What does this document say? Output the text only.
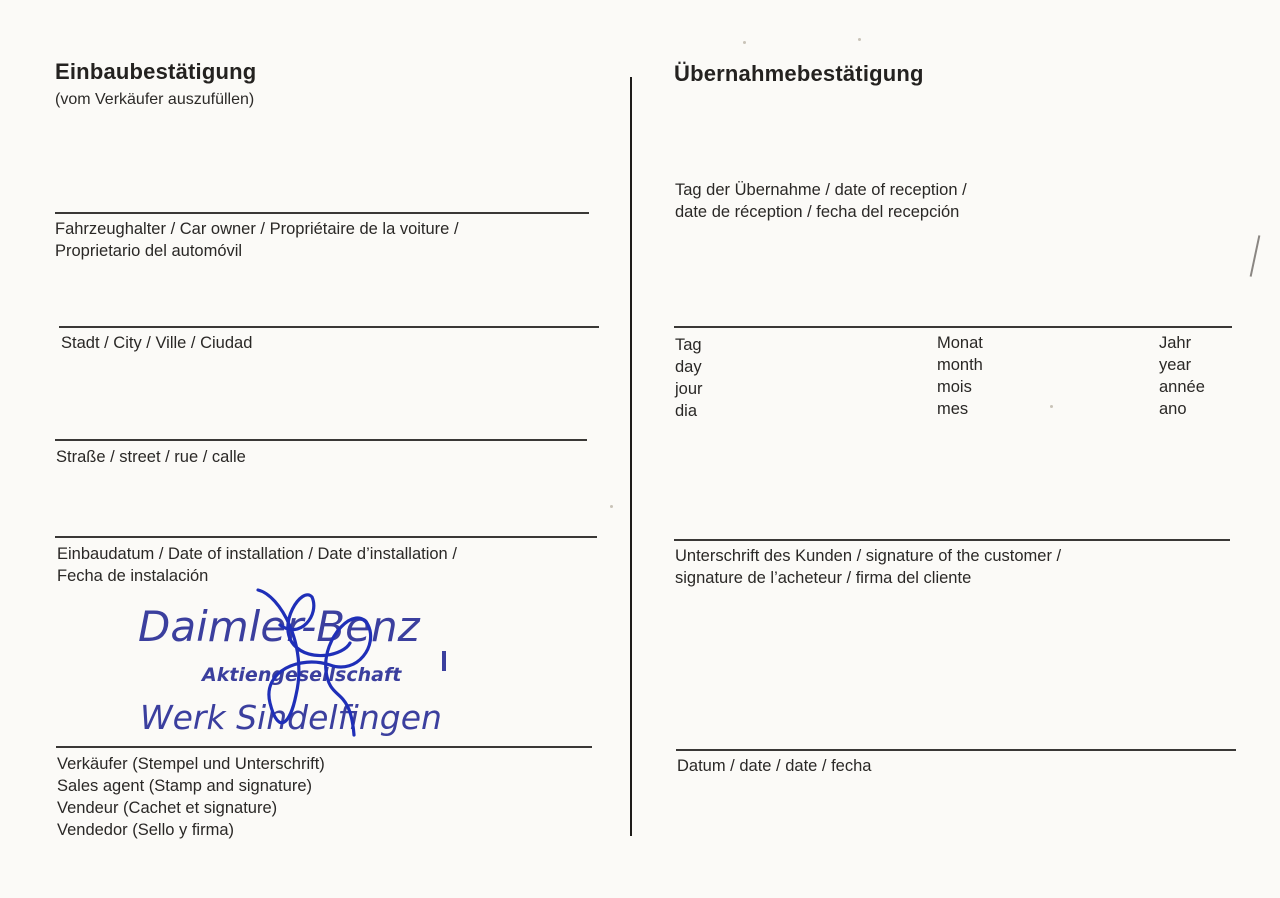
Einbaubestätigung
(vom Verkäufer auszufüllen)
Fahrzeughalter / Car owner / Propriétaire de la voiture /
Proprietario del automóvil
Stadt / City / Ville / Ciudad
Straße / street / rue / calle
Einbaudatum / Date of installation / Date d’installation /
Fecha de instalación
Daimler-Benz
Aktiengesellschaft
Werk Sindelfingen
Verkäufer (Stempel und Unterschrift)
Sales agent (Stamp and signature)
Vendeur (Cachet et signature)
Vendedor (Sello y firma)
Übernahmebestätigung
Tag der Übernahme / date of reception /
date de réception / fecha del recepción
Tag
day
jour
dia
Monat
month
mois
mes
Jahr
year
année
ano
Unterschrift des Kunden / signature of the customer /
signature de l’acheteur / firma del cliente
Datum / date / date / fecha
